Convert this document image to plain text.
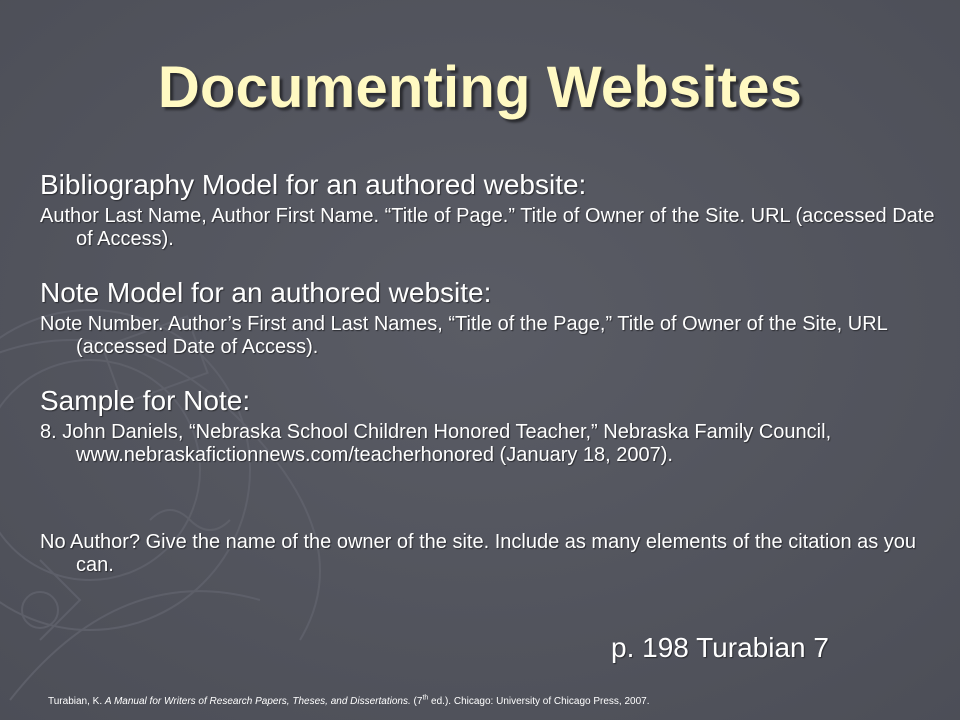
Documenting Websites

Bibliography Model for an authored website:

Author Last Name, Author First Name. “Title of Page.” Title of Owner of the Site. URL (accessed Date of Access).

Note Model for an authored website:

Note Number. Author’s First and Last Names, “Title of the Page,” Title of Owner of the Site, URL (accessed Date of Access).

Sample for Note:

8. John Daniels, “Nebraska School Children Honored Teacher,” Nebraska Family Council, www.nebraskafictionnews.com/teacherhonored (January 18, 2007).

No Author? Give the name of the owner of the site. Include as many elements of the citation as you can.

p. 198 Turabian 7
Turabian, K. A Manual for Writers of Research Papers, Theses, and Dissertations. (7th ed.). Chicago: University of Chicago Press, 2007.
